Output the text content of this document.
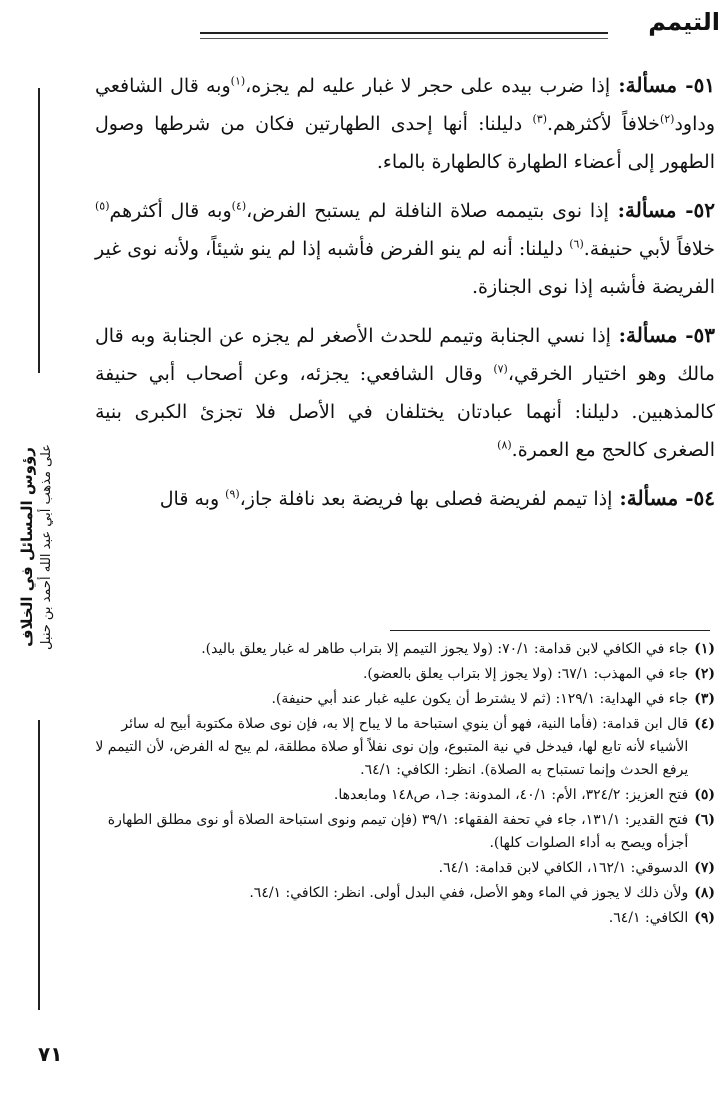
التيمم
رؤوس المسائل في الخلاف على مذهب أبي عبد الله أحمد بن حنبل

٥١- مسألة: إذا ضرب بيده على حجر لا غبار عليه لم يجزه،$^{(١)}$وبه قال الشافعي وداود$^{(٢)}$خلافاً لأكثرهم.$^{(٣)}$ دليلنا: أنها إحدى الطهارتين فكان من شرطها وصول الطهور إلى أعضاء الطهارة كالطهارة بالماء.

٥٢- مسألة: إذا نوى بتيممه صلاة النافلة لم يستبح الفرض،$^{(٤)}$وبه قال أكثرهم$^{(٥)}$ خلافاً لأبي حنيفة.$^{(٦)}$ دليلنا: أنه لم ينو الفرض فأشبه إذا لم ينو شيئاً، ولأنه نوى غير الفريضة فأشبه إذا نوى الجنازة.

٥٣- مسألة: إذا نسي الجنابة وتيمم للحدث الأصغر لم يجزه عن الجنابة وبه قال مالك وهو اختيار الخرقي،$^{(٧)}$ وقال الشافعي: يجزئه، وعن أصحاب أبي حنيفة كالمذهبين. دليلنا: أنهما عبادتان يختلفان في الأصل فلا تجزئ الكبرى بنية الصغرى كالحج مع العمرة.$^{(٨)}$

٥٤- مسألة: إذا تيمم لفريضة فصلى بها فريضة بعد نافلة جاز،$^{(٩)}$ وبه قال

(١)
جاء في الكافي لابن قدامة: ٧٠/١: (ولا يجوز التيمم إلا بتراب طاهر له غبار يعلق باليد).
(٢)
جاء في المهذب: ٦٧/١: (ولا يجوز إلا بتراب يعلق بالعضو).
(٣)
جاء في الهداية: ١٢٩/١: (ثم لا يشترط أن يكون عليه غبار عند أبي حنيفة).
(٤)
قال ابن قدامة: (فأما النية، فهو أن ينوي استباحة ما لا يباح إلا به، فإن نوى صلاة مكتوبة أبيح له سائر الأشياء لأنه تابع لها، فيدخل في نية المتبوع، وإن نوى نفلاً أو صلاة مطلقة، لم يبح له الفرض، لأن التيمم لا يرفع الحدث وإنما تستباح به الصلاة). انظر: الكافي: ٦٤/١.
(٥)
فتح العزيز: ٣٢٤/٢، الأم: ٤٠/١، المدونة: جـ١، ص١٤٨ ومابعدها.
(٦)
فتح القدير: ١٣١/١، جاء في تحفة الفقهاء: ٣٩/١ (فإن تيمم ونوى استباحة الصلاة أو نوى مطلق الطهارة أجزأه ويصح به أداء الصلوات كلها).
(٧)
الدسوقي: ١٦٢/١، الكافي لابن قدامة: ٦٤/١.
(٨)
ولأن ذلك لا يجوز في الماء وهو الأصل، ففي البدل أولى. انظر: الكافي: ٦٤/١.
(٩)
الكافي: ٦٤/١.
٧١
